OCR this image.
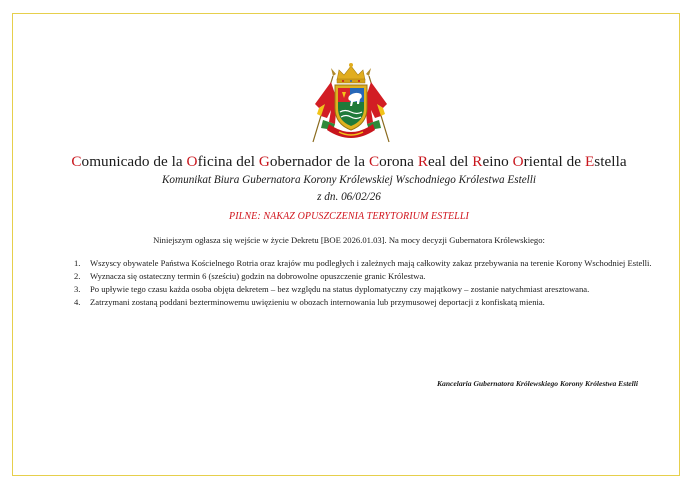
Comunicado de la Oficina del Gobernador de la Corona Real del Reino Oriental de Estella
Komunikat Biura Gubernatora Korony Królewskiej Wschodniego Królestwa Estelli
z dn. 06/02/26
PILNE: NAKAZ OPUSZCZENIA TERYTORIUM ESTELLI
Niniejszym ogłasza się wejście w życie Dekretu [BOE 2026.01.03]. Na mocy decyzji Gubernatora Królewskiego:
1. Wszyscy obywatele Państwa Kościelnego Rotria oraz krajów mu podległych i zależnych mają całkowity zakaz przebywania na terenie Korony Wschodniej Estelli.
2. Wyznacza się ostateczny termin 6 (sześciu) godzin na dobrowolne opuszczenie granic Królestwa.
3. Po upływie tego czasu każda osoba objęta dekretem – bez względu na status dyplomatyczny czy majątkowy – zostanie natychmiast aresztowana.
4. Zatrzymani zostaną poddani bezterminowemu uwięzieniu w obozach internowania lub przymusowej deportacji z konfiskatą mienia.
Kancelaria Gubernatora Królewskiego Korony Królestwa Estelli
